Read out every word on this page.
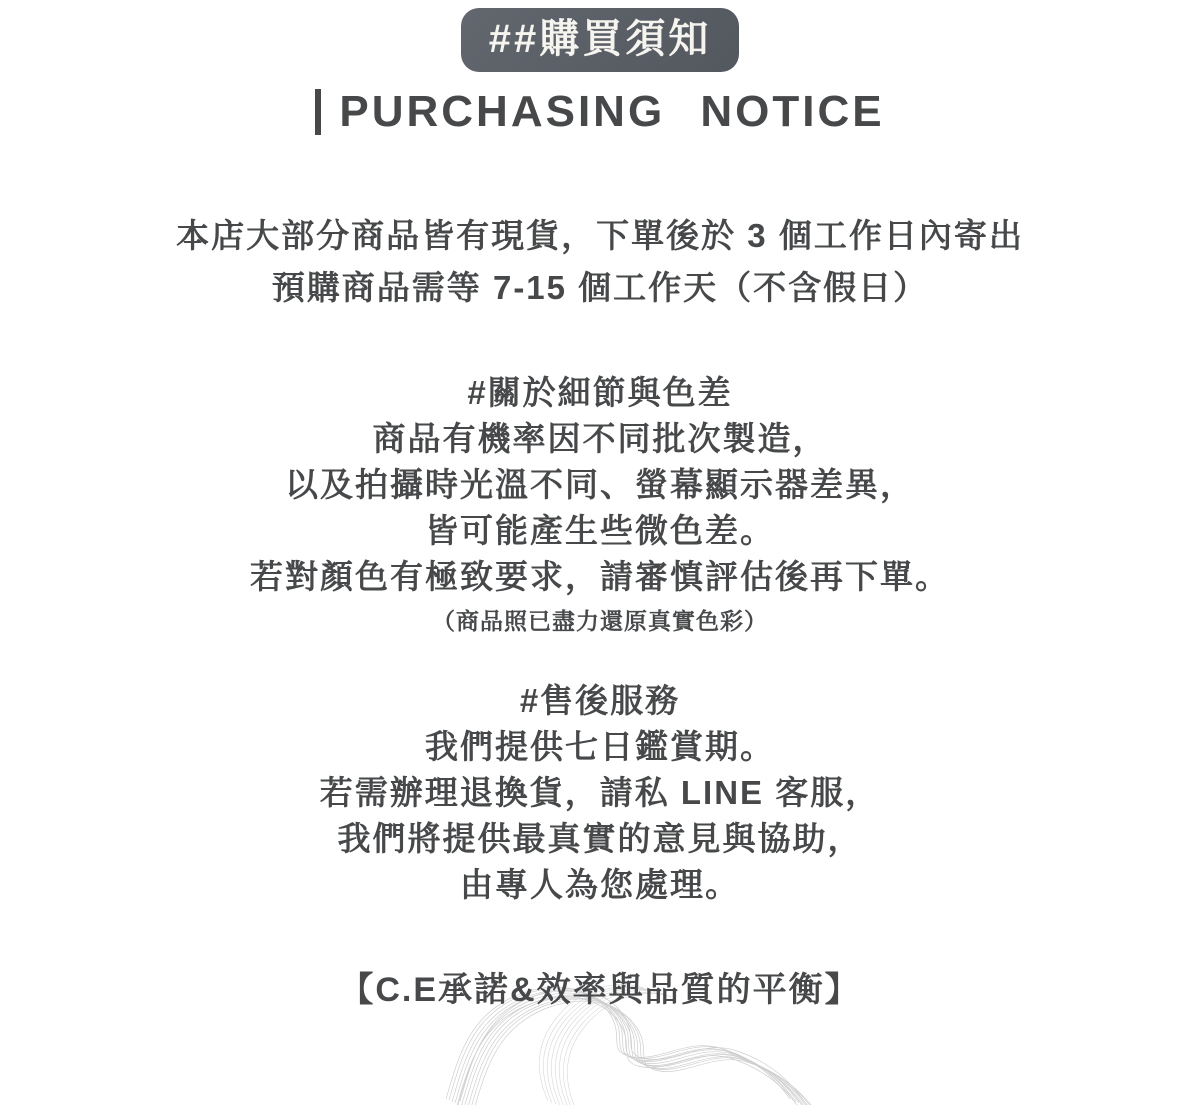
##購買須知
PURCHASING NOTICE

本店大部分商品皆有現貨，下單後於 3 個工作日內寄出

預購商品需等 7-15 個工作天（不含假日）

#關於細節與色差

商品有機率因不同批次製造，

以及拍攝時光溫不同、螢幕顯示器差異，

皆可能產生些微色差。

若對顏色有極致要求，請審慎評估後再下單。

（商品照已盡力還原真實色彩）

#售後服務

我們提供七日鑑賞期。

若需辦理退換貨，請私 LINE 客服，

我們將提供最真實的意見與協助，

由專人為您處理。

【C.E承諾&效率與品質的平衡】
